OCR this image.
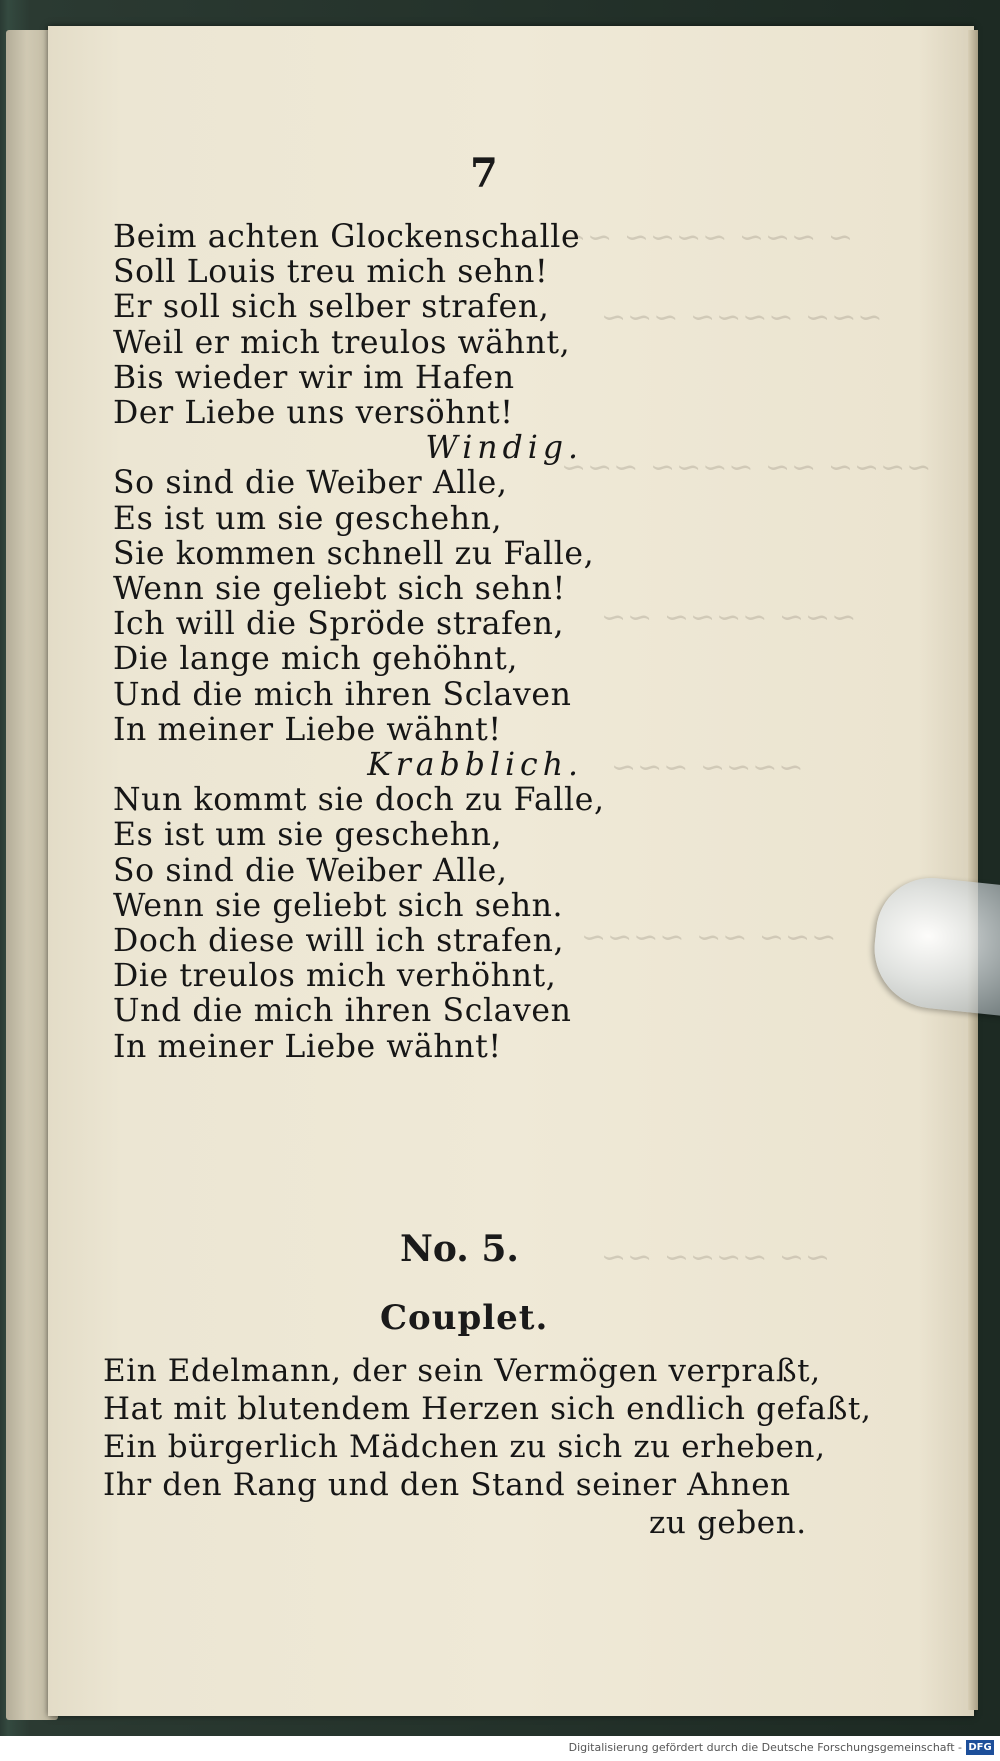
~ ~~~ ~~~~ ~~
~~~ ~~~~ ~~~
~~~~ ~~ ~~~~ ~~~
~~~ ~~~~ ~~
~~~~ ~~~
~~~ ~~ ~~~~
~~ ~~~~ ~~
7
Beim achten Glockenschalle
Soll Louis treu mich sehn!
Er soll sich selber strafen,
Weil er mich treulos wähnt,
Bis wieder wir im Hafen
Der Liebe uns versöhnt!
Windig.
So sind die Weiber Alle,
Es ist um sie geschehn,
Sie kommen schnell zu Falle,
Wenn sie geliebt sich sehn!
Ich will die Spröde strafen,
Die lange mich gehöhnt,
Und die mich ihren Sclaven
In meiner Liebe wähnt!
Krabblich.
Nun kommt sie doch zu Falle,
Es ist um sie geschehn,
So sind die Weiber Alle,
Wenn sie geliebt sich sehn.
Doch diese will ich strafen,
Die treulos mich verhöhnt,
Und die mich ihren Sclaven
In meiner Liebe wähnt!
No. 5.
Couplet.
Ein Edelmann, der sein Vermögen verpraßt,
Hat mit blutendem Herzen sich endlich gefaßt,
Ein bürgerlich Mädchen zu sich zu erheben,
Ihr den Rang und den Stand seiner Ahnen
zu geben.
Digitalisierung gefördert durch die Deutsche Forschungsgemeinschaft - DFG
